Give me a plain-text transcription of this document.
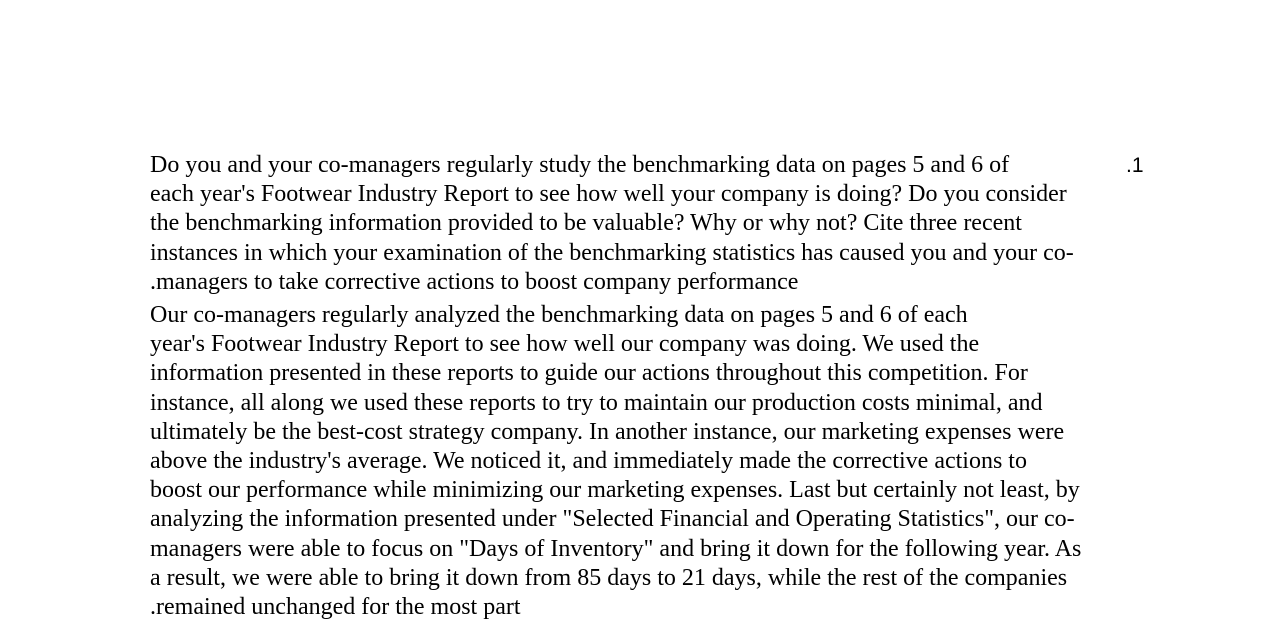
.1
Do you and your co-managers regularly study the benchmarking data on pages 5 and 6 of
each year's Footwear Industry Report to see how well your company is doing? Do you consider
the benchmarking information provided to be valuable? Why or why not? Cite three recent
instances in which your examination of the benchmarking statistics has caused you and your co-
.managers to take corrective actions to boost company performance
Our co-managers regularly analyzed the benchmarking data on pages 5 and 6 of each
year's Footwear Industry Report to see how well our company was doing. We used the
information presented in these reports to guide our actions throughout this competition. For
instance, all along we used these reports to try to maintain our production costs minimal, and
ultimately be the best-cost strategy company. In another instance, our marketing expenses were
above the industry's average. We noticed it, and immediately made the corrective actions to
boost our performance while minimizing our marketing expenses. Last but certainly not least, by
analyzing the information presented under "Selected Financial and Operating Statistics", our co-
managers were able to focus on "Days of Inventory" and bring it down for the following year. As
a result, we were able to bring it down from 85 days to 21 days, while the rest of the companies
.remained unchanged for the most part
